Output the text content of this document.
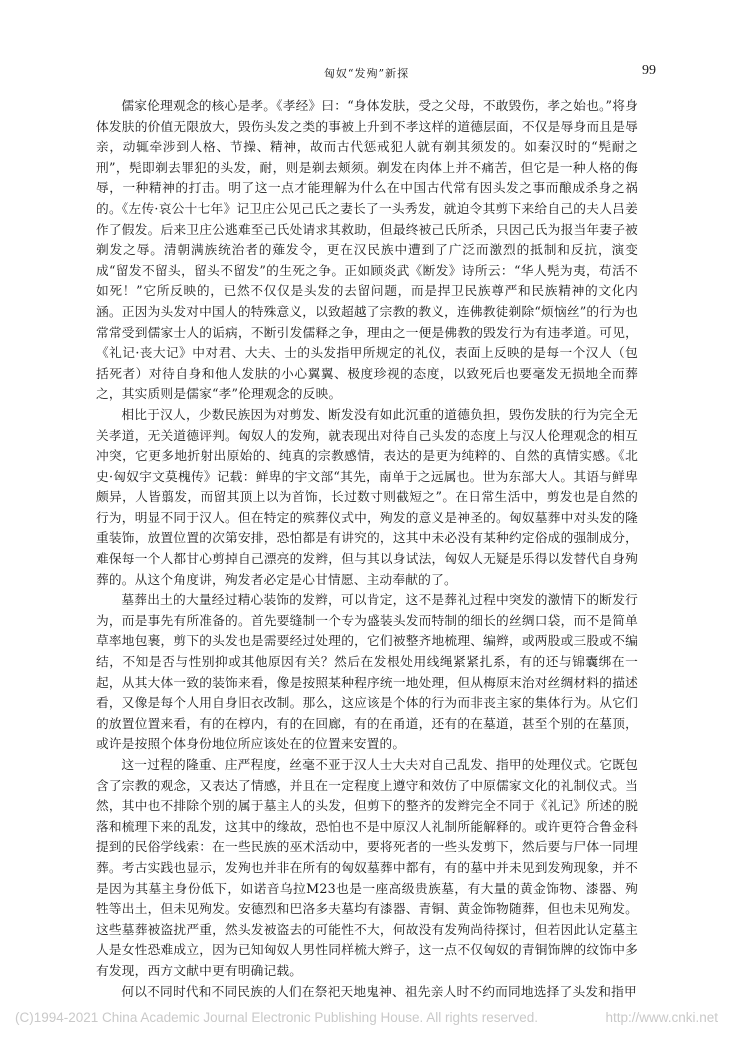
匈奴“发殉”新探	99

儒家伦理观念的核心是孝。《孝经》曰：“身体发肤，受之父母，不敢毁伤，孝之始也。”将身体发肤的价值无限放大，毁伤头发之类的事被上升到不孝这样的道德层面，不仅是辱身而且是辱亲，动辄牵涉到人格、节操、精神，故而古代惩戒犯人就有剃其须发的。如秦汉时的“髡耐之刑”，髡即剃去罪犯的头发，耐，则是剃去颊须。剃发在肉体上并不痛苦，但它是一种人格的侮辱，一种精神的打击。明了这一点才能理解为什么在中国古代常有因头发之事而酿成杀身之祸的。《左传·哀公十七年》记卫庄公见己氏之妻长了一头秀发，就迫令其剪下来给自己的夫人吕姜作了假发。后来卫庄公逃难至己氏处请求其救助，但最终被己氏所杀，只因己氏为报当年妻子被剃发之辱。清朝满族统治者的薙发令，更在汉民族中遭到了广泛而激烈的抵制和反抗，演变成“留发不留头，留头不留发”的生死之争。正如顾炎武《断发》诗所云：“华人髡为夷，苟活不如死！”它所反映的，已然不仅仅是头发的去留问题，而是捍卫民族尊严和民族精神的文化内涵。正因为头发对中国人的特殊意义，以致超越了宗教的教义，连佛教徒剃除“烦恼丝”的行为也常常受到儒家士人的诟病，不断引发儒释之争，理由之一便是佛教的毁发行为有违孝道。可见，《礼记·丧大记》中对君、大夫、士的头发指甲所规定的礼仪，表面上反映的是每一个汉人（包括死者）对待自身和他人发肤的小心翼翼、极度珍视的态度，以致死后也要毫发无损地全而葬之，其实质则是儒家“孝”伦理观念的反映。

相比于汉人，少数民族因为对剪发、断发没有如此沉重的道德负担，毁伤发肤的行为完全无关孝道，无关道德评判。匈奴人的发殉，就表现出对待自己头发的态度上与汉人伦理观念的相互冲突，它更多地折射出原始的、纯真的宗教感情，表达的是更为纯粹的、自然的真情实感。《北史·匈奴宇文莫槐传》记载：鲜卑的宇文部“其先，南单于之远属也。世为东部大人。其语与鲜卑颇异，人皆翦发，而留其顶上以为首饰，长过数寸则截短之”。在日常生活中，剪发也是自然的行为，明显不同于汉人。但在特定的殡葬仪式中，殉发的意义是神圣的。匈奴墓葬中对头发的隆重装饰，放置位置的次第安排，恐怕都是有讲究的，这其中未必没有某种约定俗成的强制成分，难保每一个人都甘心剪掉自己漂亮的发辫，但与其以身试法，匈奴人无疑是乐得以发替代自身殉葬的。从这个角度讲，殉发者必定是心甘情愿、主动奉献的了。

墓葬出土的大量经过精心装饰的发辫，可以肯定，这不是葬礼过程中突发的激情下的断发行为，而是事先有所准备的。首先要缝制一个专为盛装头发而特制的细长的丝绸口袋，而不是简单草率地包裹，剪下的头发也是需要经过处理的，它们被整齐地梳理、编辫，或两股或三股或不编结，不知是否与性别抑或其他原因有关？然后在发根处用线绳紧紧扎系，有的还与锦囊绑在一起，从其大体一致的装饰来看，像是按照某种程序统一地处理，但从梅原末治对丝绸材料的描述看，又像是每个人用自身旧衣改制。那么，这应该是个体的行为而非丧主家的集体行为。从它们的放置位置来看，有的在椁内，有的在回廊，有的在甬道，还有的在墓道，甚至个别的在墓顶，或许是按照个体身份地位所应该处在的位置来安置的。

这一过程的隆重、庄严程度，丝毫不亚于汉人士大夫对自己乱发、指甲的处理仪式。它既包含了宗教的观念，又表达了情感，并且在一定程度上遵守和效仿了中原儒家文化的礼制仪式。当然，其中也不排除个别的属于墓主人的头发，但剪下的整齐的发辫完全不同于《礼记》所述的脱落和梳理下来的乱发，这其中的缘故，恐怕也不是中原汉人礼制所能解释的。或许更符合鲁金科提到的民俗学线索：在一些民族的巫术活动中，要将死者的一些头发剪下，然后要与尸体一同埋葬。考古实践也显示，发殉也并非在所有的匈奴墓葬中都有，有的墓中并未见到发殉现象，并不是因为其墓主身份低下，如诺音乌拉M23也是一座高级贵族墓，有大量的黄金饰物、漆器、殉牲等出土，但未见殉发。安德烈和巴洛多夫墓均有漆器、青铜、黄金饰物随葬，但也未见殉发。这些墓葬被盗扰严重，然头发被盗去的可能性不大，何故没有发殉尚待探讨，但若因此认定墓主人是女性恐难成立，因为已知匈奴人男性同样梳大辫子，这一点不仅匈奴的青铜饰牌的纹饰中多有发现，西方文献中更有明确记载。

何以不同时代和不同民族的人们在祭祀天地鬼神、祖先亲人时不约而同地选择了头发和指甲

(C)1994-2021 China Academic Journal Electronic Publishing House. All rights reserved.	http://www.cnki.net
